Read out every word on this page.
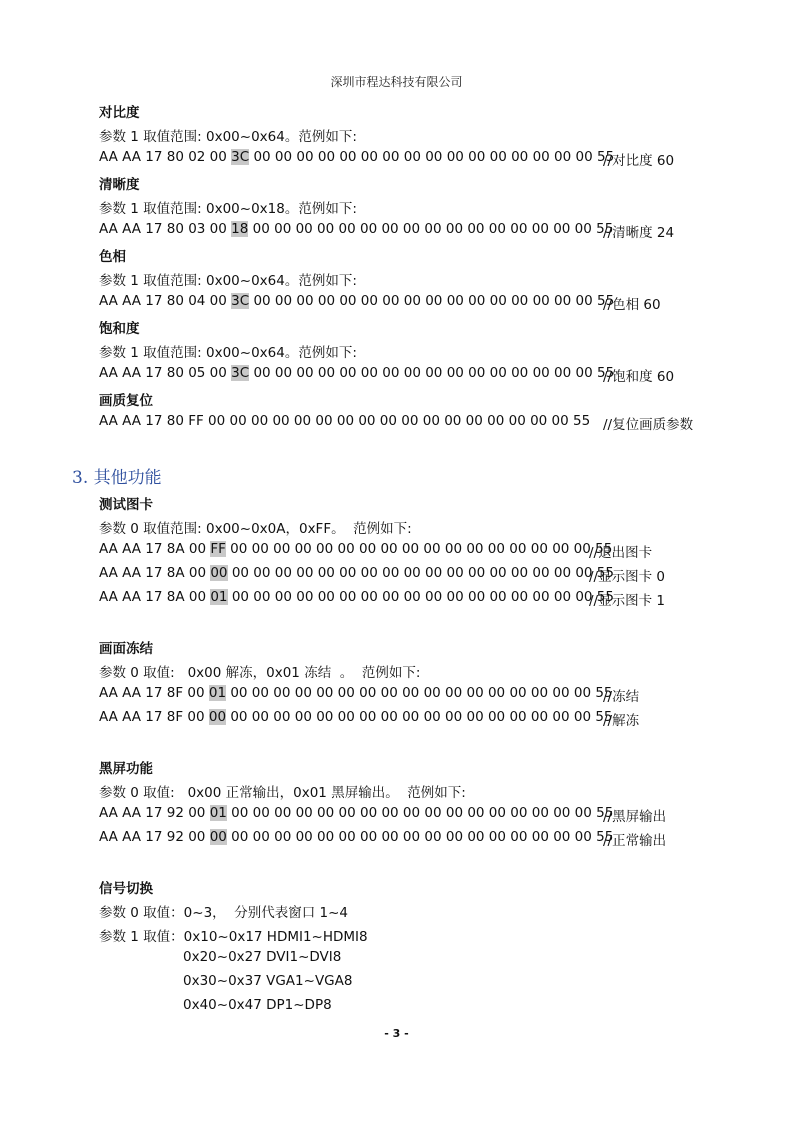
深圳市程达科技有限公司
对比度
参数 1 取值范围: 0x00~0x64。范例如下:
AA AA 17 80 02 00 3C 00 00 00 00 00 00 00 00 00 00 00 00 00 00 00 00 55
//对比度 60
清晰度
参数 1 取值范围: 0x00~0x18。范例如下:
AA AA 17 80 03 00 18 00 00 00 00 00 00 00 00 00 00 00 00 00 00 00 00 55
//清晰度 24
色相
参数 1 取值范围: 0x00~0x64。范例如下:
AA AA 17 80 04 00 3C 00 00 00 00 00 00 00 00 00 00 00 00 00 00 00 00 55
//色相 60
饱和度
参数 1 取值范围: 0x00~0x64。范例如下:
AA AA 17 80 05 00 3C 00 00 00 00 00 00 00 00 00 00 00 00 00 00 00 00 55
//饱和度 60
画质复位
AA AA 17 80 FF 00 00 00 00 00 00 00 00 00 00 00 00 00 00 00 00 00 55 //复位画质参数
3. 其他功能
测试图卡
参数 0 取值范围: 0x00~0x0A，0xFF。  范例如下:
AA AA 17 8A 00 FF 00 00 00 00 00 00 00 00 00 00 00 00 00 00 00 00 00 55
//退出图卡
AA AA 17 8A 00 00 00 00 00 00 00 00 00 00 00 00 00 00 00 00 00 00 00 55
//显示图卡 0
AA AA 17 8A 00 01 00 00 00 00 00 00 00 00 00 00 00 00 00 00 00 00 00 55
//显示图卡 1
画面冻结
参数 0 取值:   0x00 解冻，0x01 冻结  。  范例如下:
AA AA 17 8F 00 01 00 00 00 00 00 00 00 00 00 00 00 00 00 00 00 00 00 55
//冻结
AA AA 17 8F 00 00 00 00 00 00 00 00 00 00 00 00 00 00 00 00 00 00 00 55
//解冻
黑屏功能
参数 0 取值:   0x00 正常输出，0x01 黑屏输出。  范例如下:
AA AA 17 92 00 01 00 00 00 00 00 00 00 00 00 00 00 00 00 00 00 00 00 55
//黑屏输出
AA AA 17 92 00 00 00 00 00 00 00 00 00 00 00 00 00 00 00 00 00 00 00 55
//正常输出
信号切换
参数 0 取值：0~3，  分别代表窗口 1~4
参数 1 取值：0x10~0x17 HDMI1~HDMI8
0x20~0x27 DVI1~DVI8
0x30~0x37 VGA1~VGA8
0x40~0x47 DP1~DP8
- 3 -
